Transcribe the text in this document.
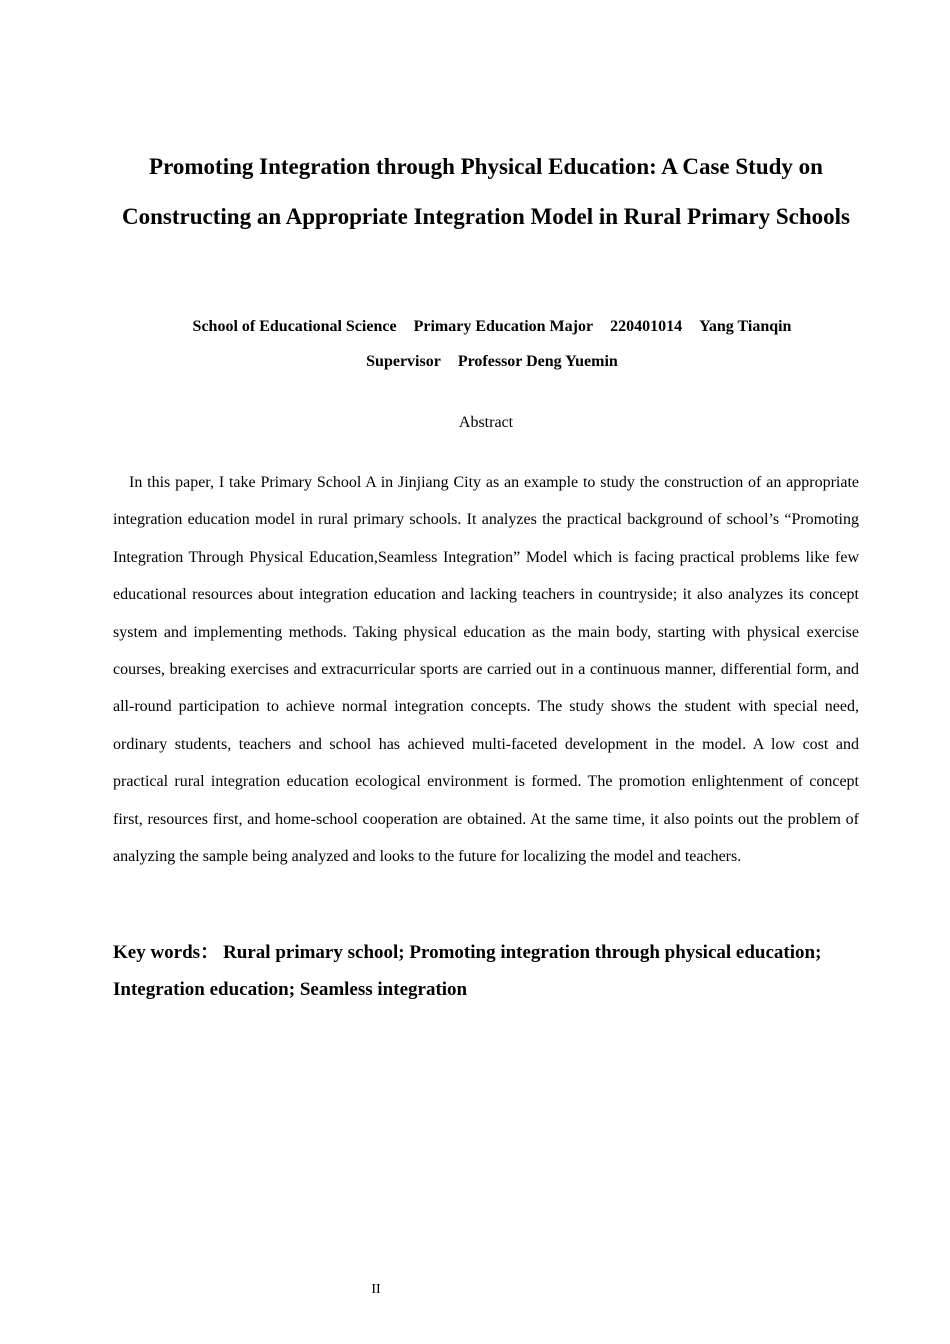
Promoting Integration through Physical Education: A Case Study on Constructing an Appropriate Integration Model in Rural Primary Schools
School of Educational Science Primary Education Major 220401014 Yang Tianqin
Supervisor Professor Deng Yuemin
Abstract

In this paper, I take Primary School A in Jinjiang City as an example to study the construction of an appropriate integration education model in rural primary schools. It analyzes the practical background of school’s “Promoting Integration Through Physical Education,Seamless Integration” Model which is facing practical problems like few educational resources about integration education and lacking teachers in countryside; it also analyzes its concept system and implementing methods. Taking physical education as the main body, starting with physical exercise courses, breaking exercises and extracurricular sports are carried out in a continuous manner, differential form, and all-round participation to achieve normal integration concepts. The study shows the student with special need, ordinary students, teachers and school has achieved multi-faceted development in the model. A low cost and practical rural integration education ecological environment is formed. The promotion enlightenment of concept first, resources first, and home-school cooperation are obtained. At the same time, it also points out the problem of analyzing the sample being analyzed and looks to the future for localizing the model and teachers.

Key words： Rural primary school; Promoting integration through physical education; Integration education; Seamless integration
II
